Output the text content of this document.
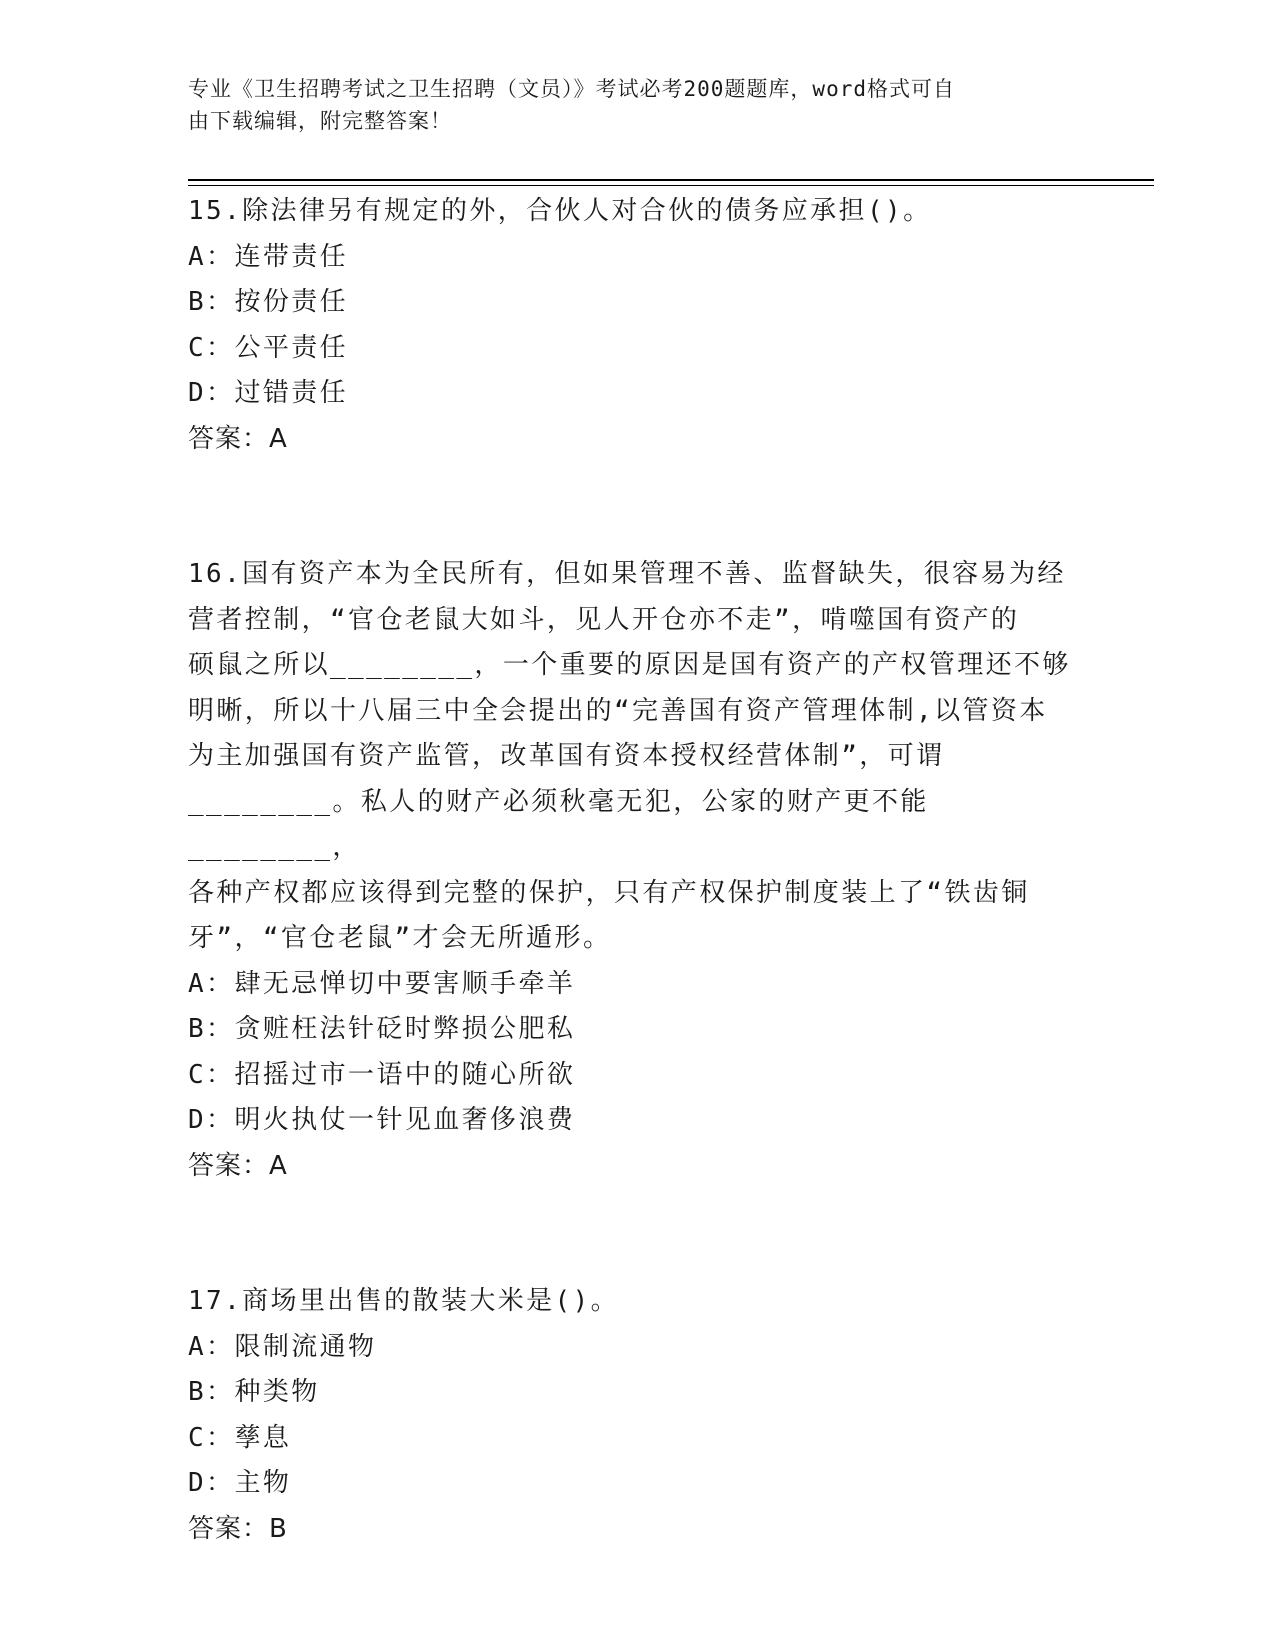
专业《卫生招聘考试之卫生招聘（文员）》考试必考200题题库，word格式可自
由下载编辑，附完整答案！

15.除法律另有规定的外，合伙人对合伙的债务应承担()。

A：连带责任
B：按份责任
C：公平责任
D：过错责任

答案：A

16.国有资产本为全民所有，但如果管理不善、监督缺失，很容易为经

营者控制，“官仓老鼠大如斗，见人开仓亦不走”，啃噬国有资产的

硕鼠之所以________，一个重要的原因是国有资产的产权管理还不够

明晰，所以十八届三中全会提出的“完善国有资产管理体制,以管资本

为主加强国有资产监管，改革国有资本授权经营体制”，可谓

________。私人的财产必须秋毫无犯，公家的财产更不能________，

各种产权都应该得到完整的保护，只有产权保护制度装上了“铁齿铜

牙”，“官仓老鼠”才会无所遁形。

A：肆无忌惮切中要害顺手牵羊
B：贪赃枉法针砭时弊损公肥私
C：招摇过市一语中的随心所欲
D：明火执仗一针见血奢侈浪费

答案：A

17.商场里出售的散装大米是()。

A：限制流通物
B：种类物
C：孳息
D：主物

答案：B
